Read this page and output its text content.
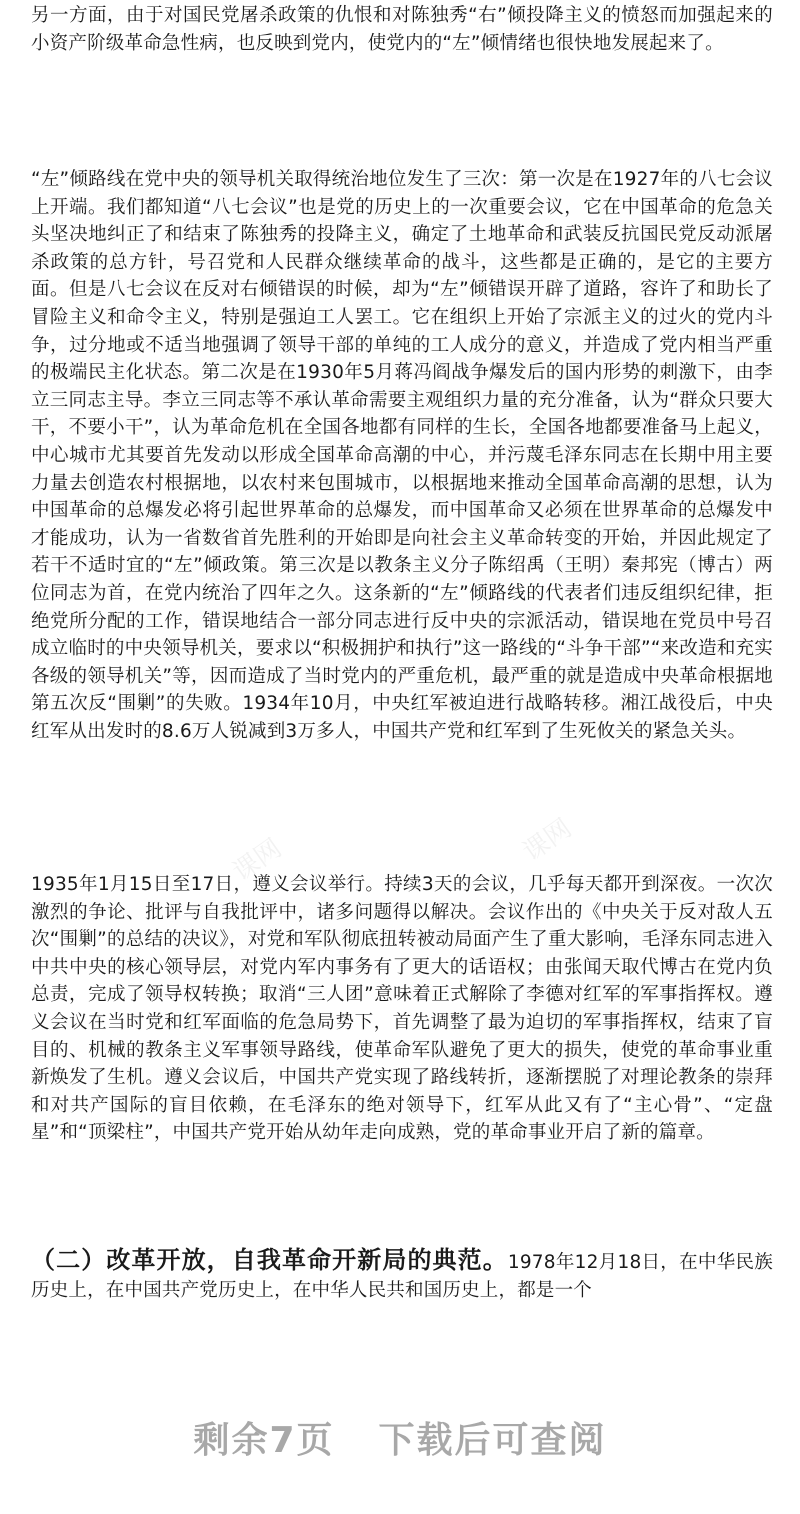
另一方面，由于对国民党屠杀政策的仇恨和对陈独秀“右”倾投降主义的愤怒而加强起来的小资产阶级革命急性病，也反映到党内，使党内的“左”倾情绪也很快地发展起来了。

“左”倾路线在党中央的领导机关取得统治地位发生了三次：第一次是在1927年的八七会议上开端。我们都知道“八七会议”也是党的历史上的一次重要会议，它在中国革命的危急关头坚决地纠正了和结束了陈独秀的投降主义，确定了土地革命和武装反抗国民党反动派屠杀政策的总方针，号召党和人民群众继续革命的战斗，这些都是正确的，是它的主要方面。但是八七会议在反对右倾错误的时候，却为“左”倾错误开辟了道路，容许了和助长了冒险主义和命令主义，特别是强迫工人罢工。它在组织上开始了宗派主义的过火的党内斗争，过分地或不适当地强调了领导干部的单纯的工人成分的意义，并造成了党内相当严重的极端民主化状态。第二次是在1930年5月蒋冯阎战争爆发后的国内形势的刺激下，由李立三同志主导。李立三同志等不承认革命需要主观组织力量的充分准备，认为“群众只要大干，不要小干”，认为革命危机在全国各地都有同样的生长，全国各地都要准备马上起义，中心城市尤其要首先发动以形成全国革命高潮的中心，并污蔑毛泽东同志在长期中用主要力量去创造农村根据地，以农村来包围城市，以根据地来推动全国革命高潮的思想，认为中国革命的总爆发必将引起世界革命的总爆发，而中国革命又必须在世界革命的总爆发中才能成功，认为一省数省首先胜利的开始即是向社会主义革命转变的开始，并因此规定了若干不适时宜的“左”倾政策。第三次是以教条主义分子陈绍禹（王明）秦邦宪（博古）两位同志为首，在党内统治了四年之久。这条新的“左”倾路线的代表者们违反组织纪律，拒绝党所分配的工作，错误地结合一部分同志进行反中央的宗派活动，错误地在党员中号召成立临时的中央领导机关，要求以“积极拥护和执行”这一路线的“斗争干部”“来改造和充实各级的领导机关”等，因而造成了当时党内的严重危机，最严重的就是造成中央革命根据地第五次反“围剿”的失败。1934年10月，中央红军被迫进行战略转移。湘江战役后，中央红军从出发时的8.6万人锐减到3万多人，中国共产党和红军到了生死攸关的紧急关头。

1935年1月15日至17日，遵义会议举行。持续3天的会议，几乎每天都开到深夜。一次次激烈的争论、批评与自我批评中，诸多问题得以解决。会议作出的《中央关于反对敌人五次“围剿”的总结的决议》，对党和军队彻底扭转被动局面产生了重大影响，毛泽东同志进入中共中央的核心领导层，对党内军内事务有了更大的话语权；由张闻天取代博古在党内负总责，完成了领导权转换；取消“三人团”意味着正式解除了李德对红军的军事指挥权。遵义会议在当时党和红军面临的危急局势下，首先调整了最为迫切的军事指挥权，结束了盲目的、机械的教条主义军事领导路线，使革命军队避免了更大的损失，使党的革命事业重新焕发了生机。遵义会议后，中国共产党实现了路线转折，逐渐摆脱了对理论教条的崇拜和对共产国际的盲目依赖，在毛泽东的绝对领导下，红军从此又有了“主心骨”、“定盘星”和“顶梁柱”，中国共产党开始从幼年走向成熟，党的革命事业开启了新的篇章。

（二）改革开放，自我革命开新局的典范。1978年12月18日，在中华民族历史上，在中国共产党历史上，在中华人民共和国历史上，都是一个

课网	课网
剩余7页 下载后可查阅
